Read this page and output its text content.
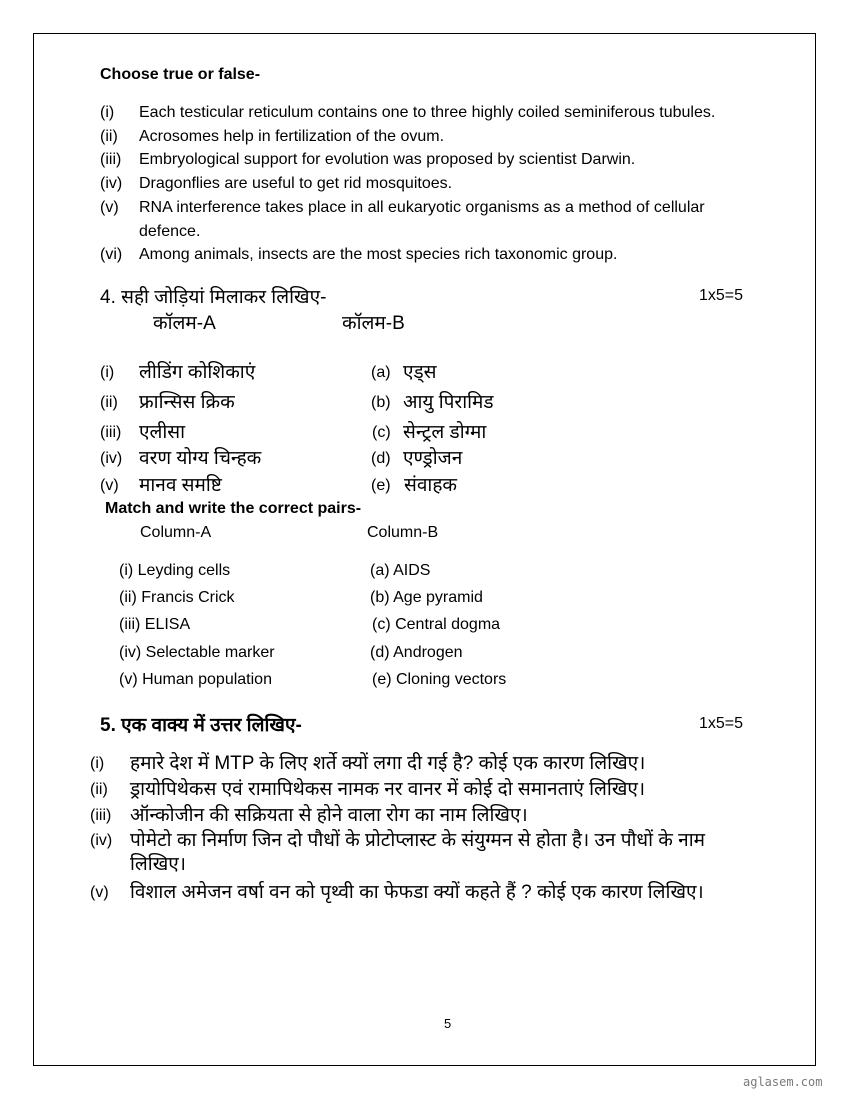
Choose true or false-
(i) Each testicular reticulum contains one to three highly coiled seminiferous tubules.
(ii) Acrosomes help in fertilization of the ovum.
(iii) Embryological support for evolution was proposed by scientist Darwin.
(iv) Dragonflies are useful to get rid mosquitoes.
(v) RNA interference takes place in all eukaryotic organisms as a method of cellular
defence.
(vi) Among animals, insects are the most species rich taxonomic group.
4. सही जोड़ियां मिलाकर लिखिए-	1x5=5
कॉलम-A	कॉलम-B
(i) लीडिंग कोशिकाएं	(a) एड्स
(ii) फ्रान्सिस क्रिक	(b) आयु पिरामिड
(iii) एलीसा	(c) सेन्ट्रल डोग्मा
(iv) वरण योग्य चिन्हक	(d) एण्ड्रोजन
(v) मानव समष्टि	(e) संवाहक
Match and write the correct pairs-
Column-A	Column-B
(i) Leyding cells	(a) AIDS
(ii) Francis Crick	(b) Age pyramid
(iii) ELISA	(c) Central dogma
(iv) Selectable marker	(d) Androgen
(v) Human population	(e) Cloning vectors
5. एक वाक्य में उत्तर लिखिए-	1x5=5
(i) हमारे देश में MTP के लिए शर्ते क्यों लगा दी गई है? कोई एक कारण लिखिए।
(ii) ड्रायोपिथेकस एवं रामापिथेकस नामक नर वानर में कोई दो समानताएं लिखिए।
(iii) ऑन्कोजीन की सक्रियता से होने वाला रोग का नाम लिखिए।
(iv) पोमेटो का निर्माण जिन दो पौधों के प्रोटोप्लास्ट के संयुग्मन से होता है। उन पौधों के नाम
लिखिए।
(v) विशाल अमेजन वर्षा वन को पृथ्वी का फेफडा क्यों कहते हैं ? कोई एक कारण लिखिए।
5
aglasem.com
